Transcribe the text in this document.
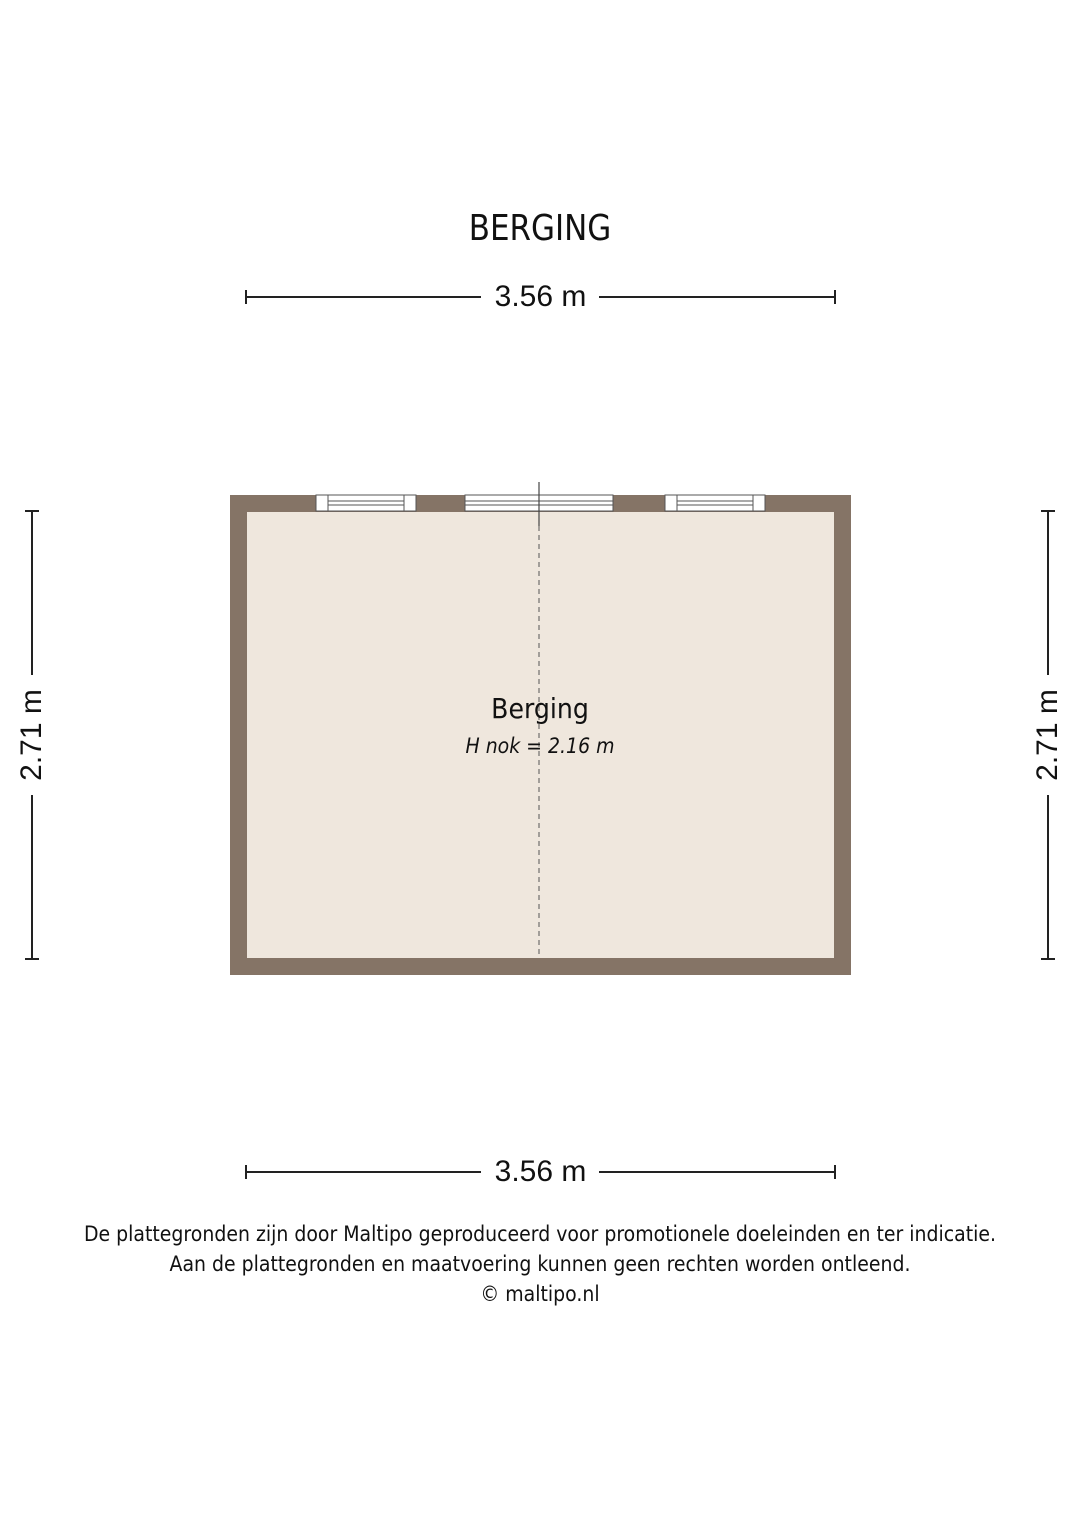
BERGING
3.56 m
2.71 m	2.71 m
Berging
H nok = 2.16 m
3.56 m
De plattegronden zijn door Maltipo geproduceerd voor promotionele doeleinden en ter indicatie.
Aan de plattegronden en maatvoering kunnen geen rechten worden ontleend.
© maltipo.nl
